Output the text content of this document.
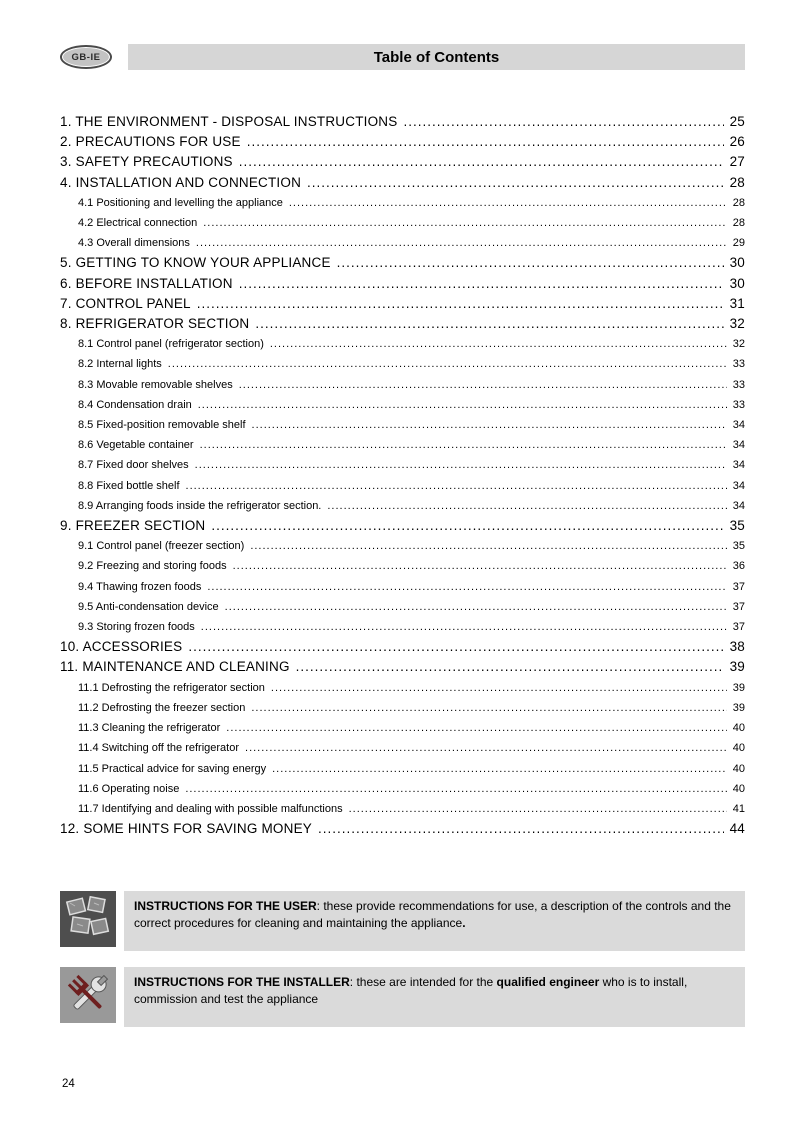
GB-IE	Table of Contents
1. THE ENVIRONMENT - DISPOSAL INSTRUCTIONS .....	25
2. PRECAUTIONS FOR USE .....	26
3. SAFETY PRECAUTIONS .....	27
4. INSTALLATION AND CONNECTION .....	28
4.1 Positioning and levelling the appliance .....	28
4.2 Electrical connection .....	28
4.3 Overall dimensions .....	29
5. GETTING TO KNOW YOUR APPLIANCE .....	30
6. BEFORE INSTALLATION .....	30
7. CONTROL PANEL .....	31
8. REFRIGERATOR SECTION .....	32
8.1 Control panel (refrigerator section) .....	32
8.2 Internal lights .....	33
8.3 Movable removable shelves .....	33
8.4 Condensation drain .....	33
8.5 Fixed-position removable shelf .....	34
8.6 Vegetable container .....	34
8.7 Fixed door shelves .....	34
8.8 Fixed bottle shelf .....	34
8.9 Arranging foods inside the refrigerator section. .....	34
9. FREEZER SECTION .....	35
9.1 Control panel (freezer section) .....	35
9.2 Freezing and storing foods .....	36
9.4 Thawing frozen foods .....	37
9.5 Anti-condensation device .....	37
9.3 Storing frozen foods .....	37
10. ACCESSORIES .....	38
11. MAINTENANCE AND CLEANING .....	39
11.1 Defrosting the refrigerator section .....	39
11.2 Defrosting the freezer section .....	39
11.3 Cleaning the refrigerator .....	40
11.4 Switching off the refrigerator .....	40
11.5 Practical advice for saving energy .....	40
11.6 Operating noise .....	40
11.7 Identifying and dealing with possible malfunctions .....	41
12. SOME HINTS FOR SAVING MONEY .....	44
INSTRUCTIONS FOR THE USER: these provide recommendations for use, a description of the controls and the correct procedures for cleaning and maintaining the appliance.
INSTRUCTIONS FOR THE INSTALLER: these are intended for the qualified engineer who is to install, commission and test the appliance
24
